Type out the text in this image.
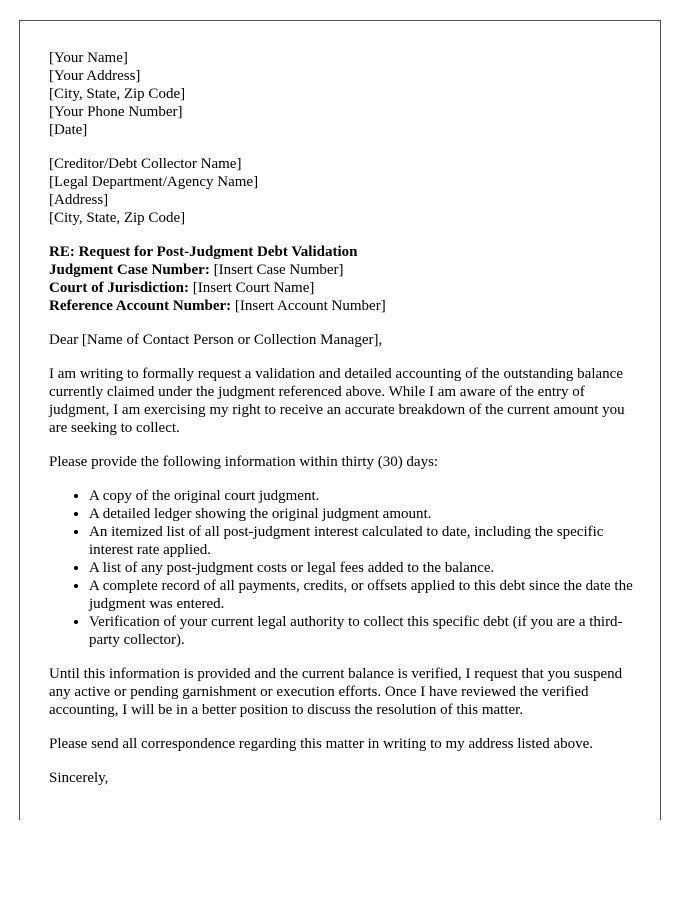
[Your Name]
[Your Address]
[City, State, Zip Code]
[Your Phone Number]
[Date]
[Creditor/Debt Collector Name]
[Legal Department/Agency Name]
[Address]
[City, State, Zip Code]
RE: Request for Post-Judgment Debt Validation
Judgment Case Number: [Insert Case Number]
Court of Jurisdiction: [Insert Court Name]
Reference Account Number: [Insert Account Number]

Dear [Name of Contact Person or Collection Manager],

I am writing to formally request a validation and detailed accounting of the outstanding balance currently claimed under the judgment referenced above. While I am aware of the entry of judgment, I am exercising my right to receive an accurate breakdown of the current amount you are seeking to collect.

Please provide the following information within thirty (30) days:

• A copy of the original court judgment.
• A detailed ledger showing the original judgment amount.
• An itemized list of all post-judgment interest calculated to date, including the specific interest rate applied.
• A list of any post-judgment costs or legal fees added to the balance.
• A complete record of all payments, credits, or offsets applied to this debt since the date the judgment was entered.
• Verification of your current legal authority to collect this specific debt (if you are a third-party collector).

Until this information is provided and the current balance is verified, I request that you suspend any active or pending garnishment or execution efforts. Once I have reviewed the verified accounting, I will be in a better position to discuss the resolution of this matter.

Please send all correspondence regarding this matter in writing to my address listed above.

Sincerely,
